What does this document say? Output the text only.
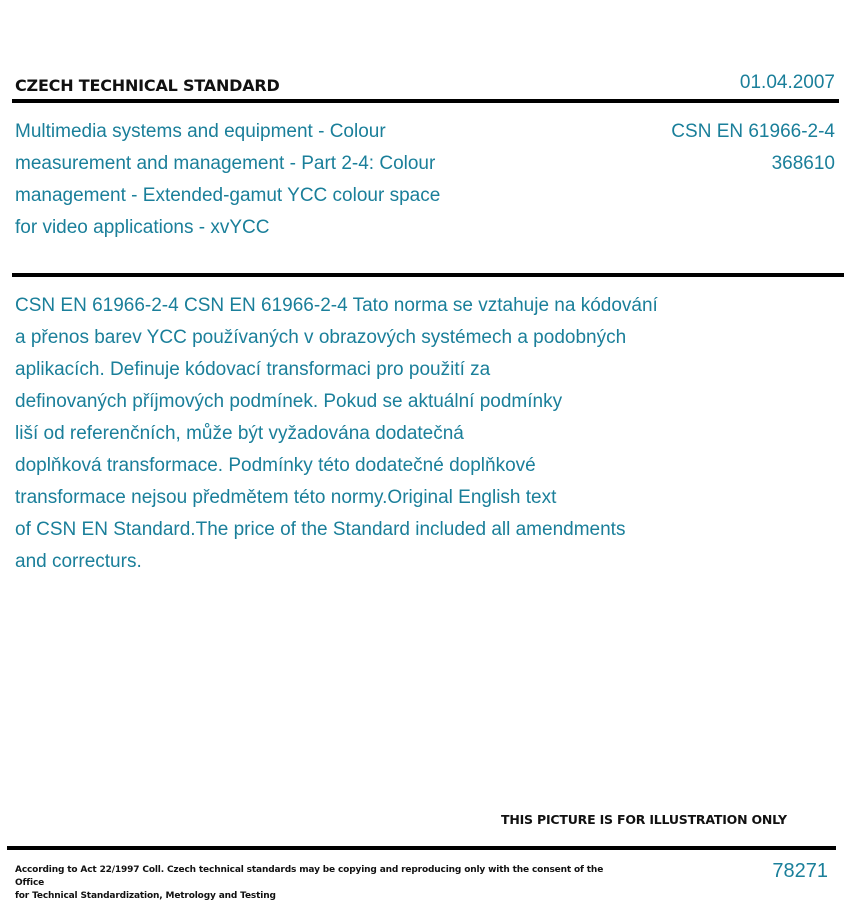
CZECH TECHNICAL STANDARD	01.04.2007
Multimedia systems and equipment - Colour
measurement and management - Part 2-4: Colour
management - Extended-gamut YCC colour space
for video applications - xvYCC
CSN EN 61966-2-4
368610
CSN EN 61966-2-4 CSN EN 61966-2-4 Tato norma se vztahuje na kódování
a přenos barev YCC používaných v obrazových systémech a podobných
aplikacích. Definuje kódovací transformaci pro použití za
definovaných příjmových podmínek. Pokud se aktuální podmínky
liší od referenčních, může být vyžadována dodatečná
doplňková transformace. Podmínky této dodatečné doplňkové
transformace nejsou předmětem této normy.Original English text
of CSN EN Standard.The price of the Standard included all amendments
and correcturs.
THIS PICTURE IS FOR ILLUSTRATION ONLY
According to Act 22/1997 Coll. Czech technical standards may be copying and reproducing only with the consent of the Office
for Technical Standardization, Metrology and Testing
78271
